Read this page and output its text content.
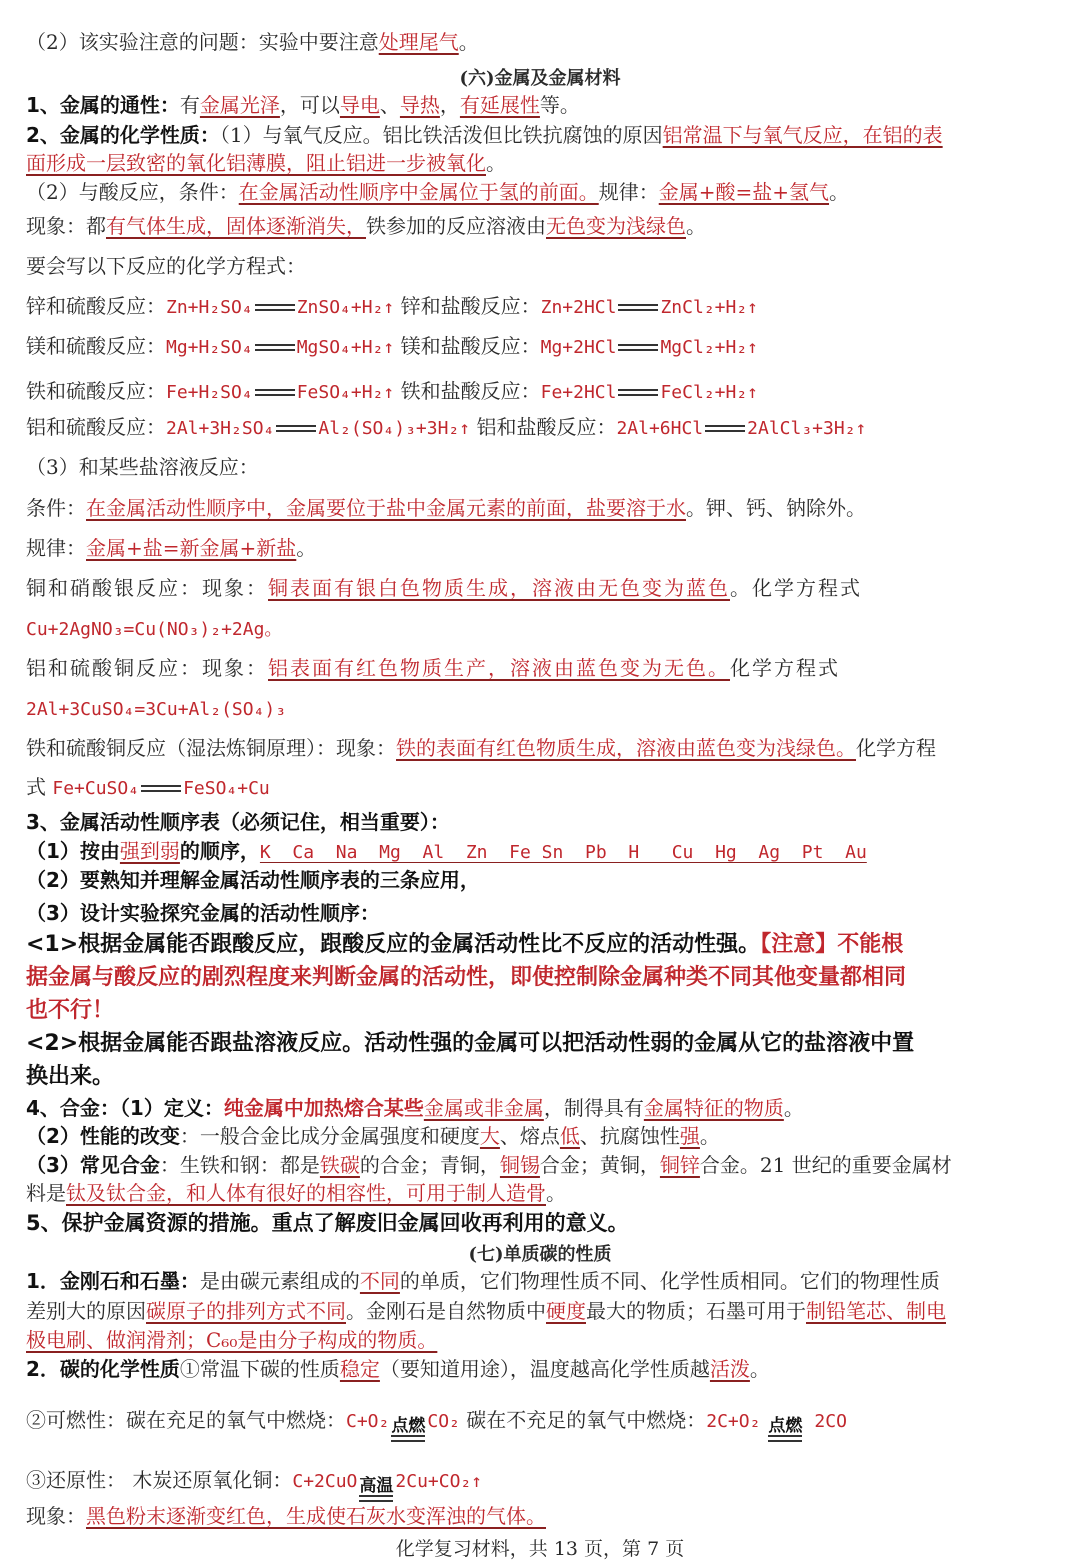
（2）该实验注意的问题：实验中要注意处理尾气。
(六)金属及金属材料
1、金属的通性：有金属光泽，可以导电、导热，有延展性等。
2、金属的化学性质：（1）与氧气反应。铝比铁活泼但比铁抗腐蚀的原因铝常温下与氧气反应，在铝的表
面形成一层致密的氧化铝薄膜，阻止铝进一步被氧化。
（2）与酸反应，条件：在金属活动性顺序中金属位于氢的前面。规律：金属+酸=盐+氢气。
现象：都有气体生成，固体逐渐消失，铁参加的反应溶液由无色变为浅绿色。
要会写以下反应的化学方程式：
锌和硫酸反应：Zn+H₂SO₄ ZnSO₄+H₂↑ 锌和盐酸反应：Zn+2HCl ZnCl₂+H₂↑
镁和硫酸反应：Mg+H₂SO₄ MgSO₄+H₂↑ 镁和盐酸反应：Mg+2HCl MgCl₂+H₂↑
铁和硫酸反应：Fe+H₂SO₄ FeSO₄+H₂↑ 铁和盐酸反应：Fe+2HCl FeCl₂+H₂↑
铝和硫酸反应：2Al+3H₂SO₄ Al₂(SO₄)₃+3H₂↑ 铝和盐酸反应：2Al+6HCl 2AlCl₃+3H₂↑
（3）和某些盐溶液反应：
条件：在金属活动性顺序中，金属要位于盐中金属元素的前面，盐要溶于水。钾、钙、钠除外。
规律：金属+盐=新金属+新盐。
铜和硝酸银反应：现象：铜表面有银白色物质生成，溶液由无色变为蓝色。化学方程式
Cu+2AgNO₃=Cu(NO₃)₂+2Ag。
铝和硫酸铜反应：现象：铝表面有红色物质生产，溶液由蓝色变为无色。化学方程式
2Al+3CuSO₄=3Cu+Al₂(SO₄)₃
铁和硫酸铜反应（湿法炼铜原理）：现象：铁的表面有红色物质生成，溶液由蓝色变为浅绿色。化学方程
式 Fe+CuSO₄ FeSO₄+Cu
3、金属活动性顺序表（必须记住，相当重要）：
（1）按由强到弱的顺序，K  Ca  Na  Mg  Al  Zn  Fe Sn  Pb  H   Cu  Hg  Ag  Pt  Au
（2）要熟知并理解金属活动性顺序表的三条应用，
（3）设计实验探究金属的活动性顺序：
<1>根据金属能否跟酸反应，跟酸反应的金属活动性比不反应的活动性强。【注意】不能根
据金属与酸反应的剧烈程度来判断金属的活动性，即使控制除金属种类不同其他变量都相同
也不行！
<2>根据金属能否跟盐溶液反应。活动性强的金属可以把活动性弱的金属从它的盐溶液中置
换出来。
4、合金：（1）定义：纯金属中加热熔合某些金属或非金属，制得具有金属特征的物质。
（2）性能的改变：一般合金比成分金属强度和硬度大、熔点低、抗腐蚀性强。
（3）常见合金：生铁和钢：都是铁碳的合金；青铜，铜锡合金；黄铜，铜锌合金。21 世纪的重要金属材
料是钛及钛合金，和人体有很好的相容性，可用于制人造骨。
5、保护金属资源的措施。重点了解废旧金属回收再利用的意义。
(七)单质碳的性质
1．金刚石和石墨：是由碳元素组成的不同的单质，它们物理性质不同、化学性质相同。它们的物理性质
差别大的原因碳原子的排列方式不同。金刚石是自然物质中硬度最大的物质；石墨可用于制铅笔芯、制电
极电刷、做润滑剂；C₆₀是由分子构成的物质。
2．碳的化学性质①常温下碳的性质稳定（要知道用途），温度越高化学性质越活泼。
②可燃性：碳在充足的氧气中燃烧：C+O₂ 点燃 CO₂ 碳在不充足的氧气中燃烧：2C+O₂ 点燃 2CO
③还原性： 木炭还原氧化铜：C+2CuO 高温 2Cu+CO₂↑
现象：黑色粉末逐渐变红色，生成使石灰水变浑浊的气体。
化学复习材料，共 13 页，第 7 页
